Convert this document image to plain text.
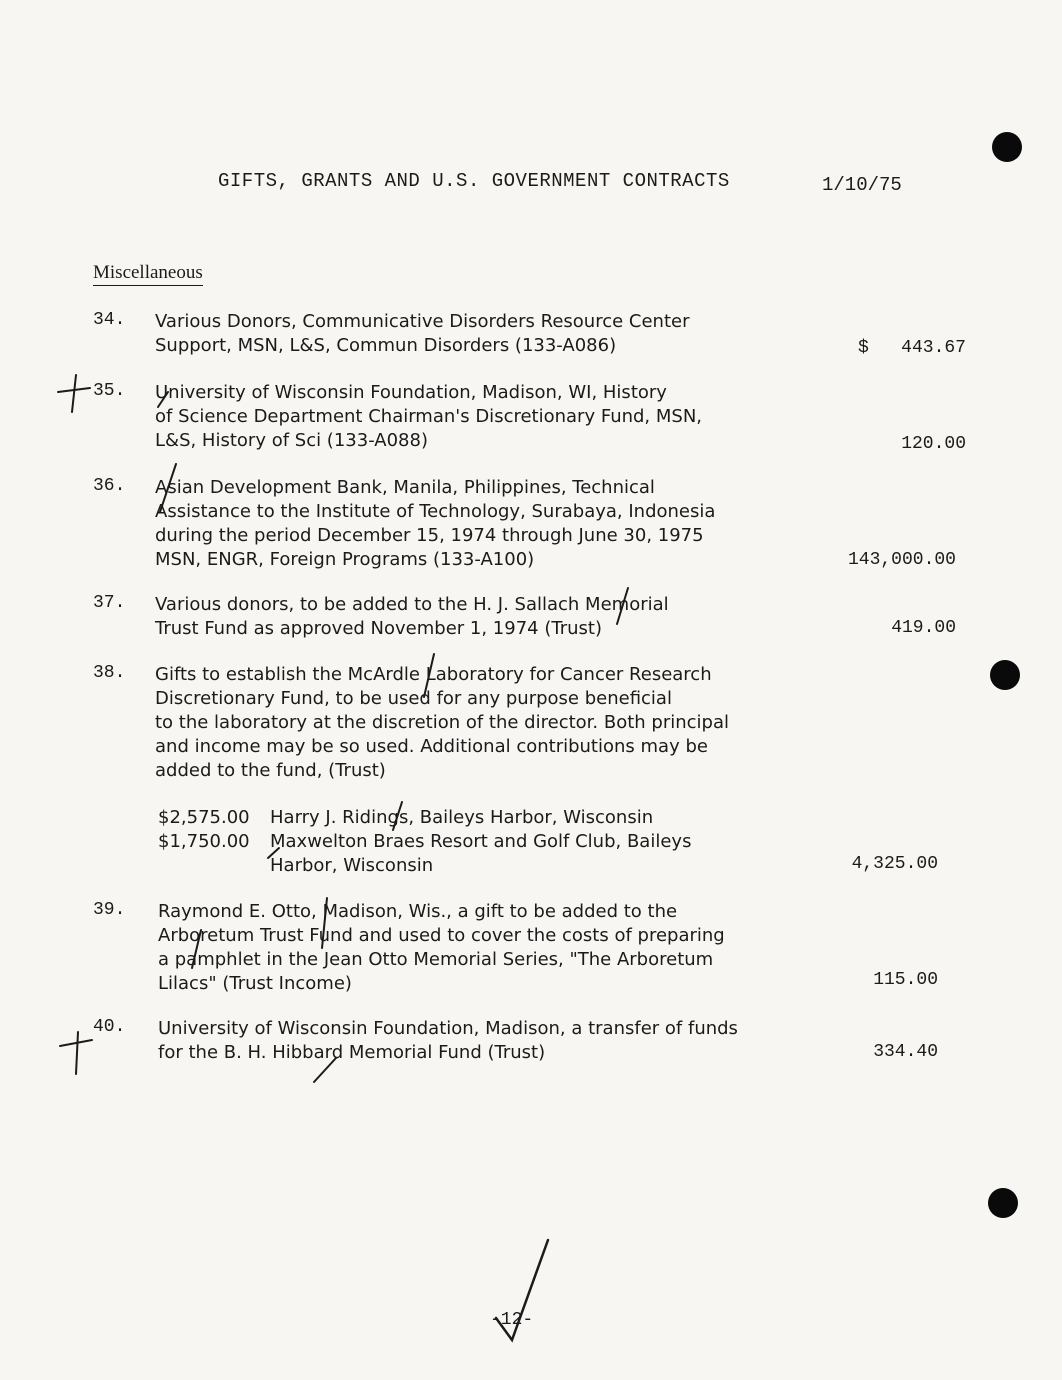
GIFTS, GRANTS AND U.S. GOVERNMENT CONTRACTS	1/10/75
Miscellaneous
34. Various Donors, Communicative Disorders Resource Center
Support, MSN, L&S, Commun Disorders (133-A086)	$   443.67
35. University of Wisconsin Foundation, Madison, WI, History
of Science Department Chairman's Discretionary Fund, MSN,
L&S, History of Sci (133-A088)	120.00
36. Asian Development Bank, Manila, Philippines, Technical
Assistance to the Institute of Technology, Surabaya, Indonesia
during the period December 15, 1974 through June 30, 1975
MSN, ENGR, Foreign Programs (133-A100)	143,000.00
37. Various donors, to be added to the H. J. Sallach Memorial
Trust Fund as approved November 1, 1974 (Trust)	419.00
38. Gifts to establish the McArdle Laboratory for Cancer Research
Discretionary Fund, to be used for any purpose beneficial
to the laboratory at the discretion of the director. Both principal
and income may be so used. Additional contributions may be
added to the fund, (Trust)
$2,575.00 Harry J. Ridings, Baileys Harbor, Wisconsin
$1,750.00 Maxwelton Braes Resort and Golf Club, Baileys
Harbor, Wisconsin	4,325.00
39. Raymond E. Otto, Madison, Wis., a gift to be added to the
Arboretum Trust Fund and used to cover the costs of preparing
a pamphlet in the Jean Otto Memorial Series, "The Arboretum
Lilacs" (Trust Income)	115.00
40. University of Wisconsin Foundation, Madison, a transfer of funds
for the B. H. Hibbard Memorial Fund (Trust)	334.40
-12-
